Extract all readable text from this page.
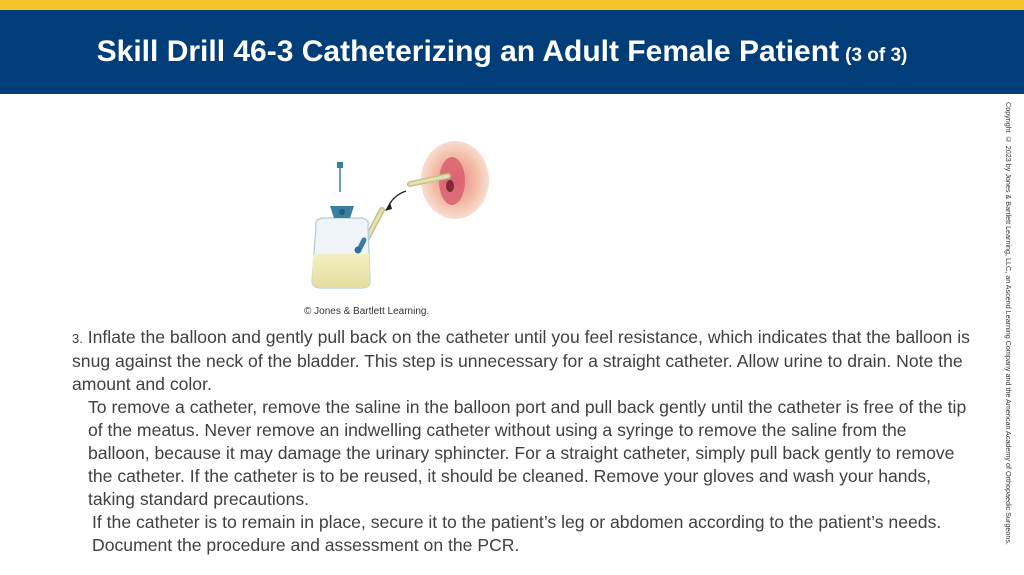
Skill Drill 46-3 Catheterizing an Adult Female Patient (3 of 3)
Copyright © 2023 by Jones & Bartlett Learning, LLC, an Ascend Learning Company and the American Academy of Orthopaedic Surgeons.
© Jones & Bartlett Learning.

3. Inflate the balloon and gently pull back on the catheter until you feel resistance, which indicates that the balloon is snug against the neck of the bladder. This step is unnecessary for a straight catheter. Allow urine to drain. Note the amount and color.

To remove a catheter, remove the saline in the balloon port and pull back gently until the catheter is free of the tip of the meatus. Never remove an indwelling catheter without using a syringe to remove the saline from the balloon, because it may damage the urinary sphincter. For a straight catheter, simply pull back gently to remove the catheter. If the catheter is to be reused, it should be cleaned. Remove your gloves and wash your hands, taking standard precautions.

If the catheter is to remain in place, secure it to the patient’s leg or abdomen according to the patient’s needs. Document the procedure and assessment on the PCR.
